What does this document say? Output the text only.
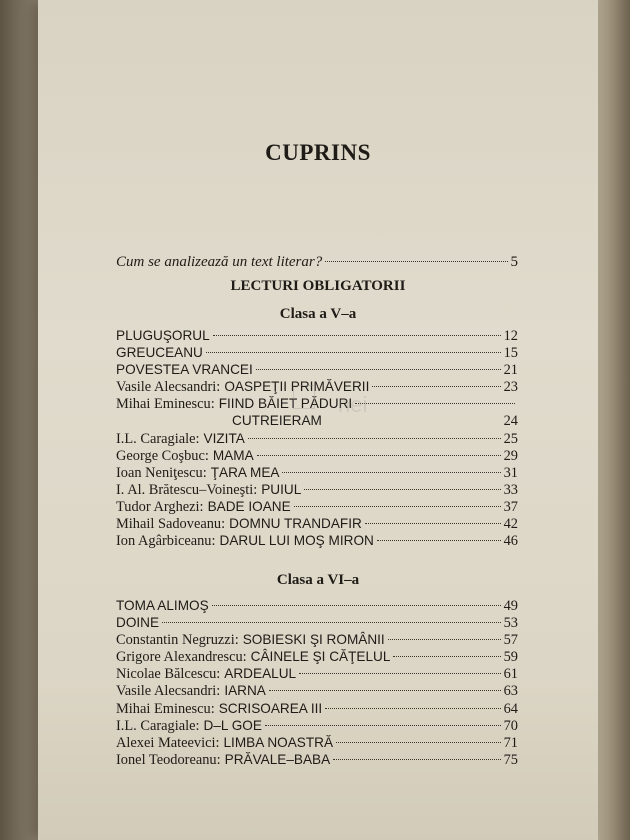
CUPRINS
Cum se analizează un text literar?	5
LECTURI OBLIGATORII
Clasa a V–a
PLUGUŞORUL	12
GREUCEANU	15
POVESTEA VRANCEI	21
Vasile Alecsandri: OASPEŢII PRIMĂVERII	23
Mihai Eminescu: FIIND BĂIET PĂDURI
CUTREIERAM	24
I.L. Caragiale: VIZITA	25
George Coşbuc: MAMA	29
Ioan Neniţescu: ŢARA MEA	31
I. Al. Brătescu–Voineşti: PUIUL	33
Tudor Arghezi: BADE IOANE	37
Mihail Sadoveanu: DOMNU TRANDAFIR	42
Ion Agârbiceanu: DARUL LUI MOŞ MIRON	46
Clasa a VI–a
TOMA ALIMOŞ	49
DOINE	53
Constantin Negruzzi: SOBIESKI ŞI ROMÂNII	57
Grigore Alexandrescu: CÂINELE ŞI CĂŢELUL	59
Nicolae Bălcescu: ARDEALUL	61
Vasile Alecsandri: IARNA	63
Mihai Eminescu: SCRISOAREA III	64
I.L. Caragiale: D–L GOE	70
Alexei Mateevici: LIMBA NOASTRĂ	71
Ionel Teodoreanu: PRĂVALE–BABA	75
nei
